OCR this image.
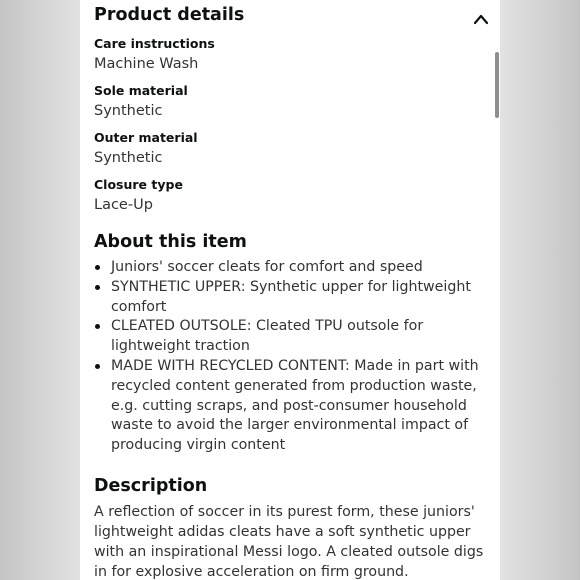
Product details

Care instructions

Machine Wash

Sole material

Synthetic

Outer material

Synthetic

Closure type

Lace-Up

About this item
Juniors' soccer cleats for comfort and speed
SYNTHETIC UPPER: Synthetic upper for lightweight comfort
CLEATED OUTSOLE: Cleated TPU outsole for lightweight traction
MADE WITH RECYCLED CONTENT: Made in part with recycled content generated from production waste, e.g. cutting scraps, and post-consumer household waste to avoid the larger environmental impact of producing virgin content
Description

A reflection of soccer in its purest form, these juniors' lightweight adidas cleats have a soft synthetic upper with an inspirational Messi logo. A cleated outsole digs in for explosive acceleration on firm ground.
